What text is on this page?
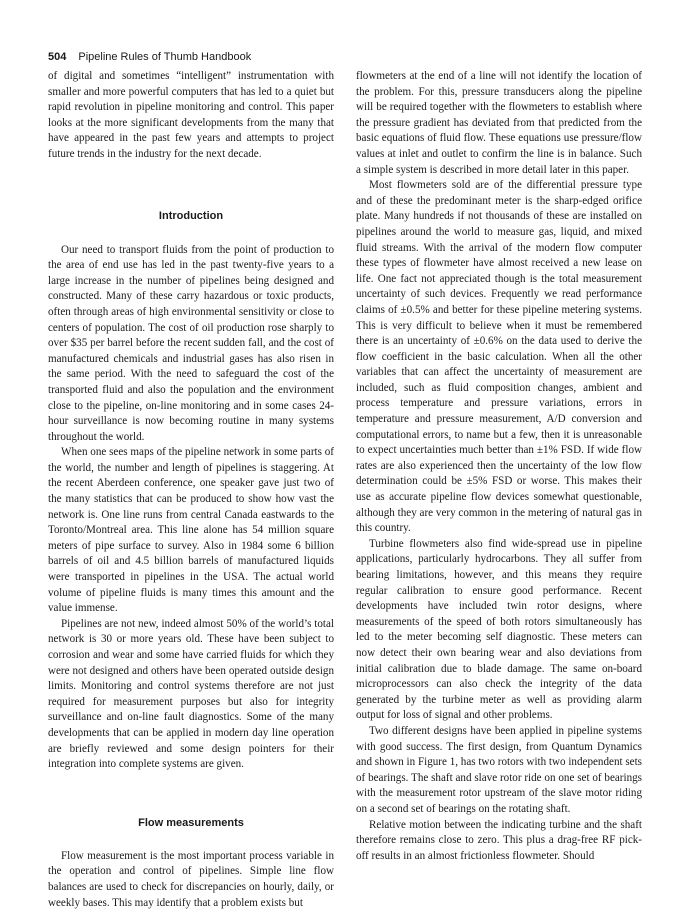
504 Pipeline Rules of Thumb Handbook

of digital and sometimes “intelligent” instrumentation with smaller and more powerful computers that has led to a quiet but rapid revolution in pipeline monitoring and control. This paper looks at the more significant developments from the many that have appeared in the past few years and attempts to project future trends in the industry for the next decade.

Introduction

Our need to transport fluids from the point of production to the area of end use has led in the past twenty-five years to a large increase in the number of pipelines being designed and constructed. Many of these carry hazardous or toxic products, often through areas of high environmental sensitivity or close to centers of population. The cost of oil production rose sharply to over $35 per barrel before the recent sudden fall, and the cost of manufactured chemicals and industrial gases has also risen in the same period. With the need to safeguard the cost of the transported fluid and also the population and the environment close to the pipeline, on-line monitoring and in some cases 24-hour surveillance is now becoming routine in many systems throughout the world.

When one sees maps of the pipeline network in some parts of the world, the number and length of pipelines is staggering. At the recent Aberdeen conference, one speaker gave just two of the many statistics that can be produced to show how vast the network is. One line runs from central Canada eastwards to the Toronto/Montreal area. This line alone has 54 million square meters of pipe surface to survey. Also in 1984 some 6 billion barrels of oil and 4.5 billion barrels of manufactured liquids were transported in pipelines in the USA. The actual world volume of pipeline fluids is many times this amount and the value immense.

Pipelines are not new, indeed almost 50% of the world’s total network is 30 or more years old. These have been subject to corrosion and wear and some have carried fluids for which they were not designed and others have been operated outside design limits. Monitoring and control systems therefore are not just required for measurement purposes but also for integrity surveillance and on-line fault diagnostics. Some of the many developments that can be applied in modern day line operation are briefly reviewed and some design pointers for their integration into complete systems are given.

Flow measurements

Flow measurement is the most important process variable in the operation and control of pipelines. Simple line flow balances are used to check for discrepancies on hourly, daily, or weekly bases. This may identify that a problem exists but

flowmeters at the end of a line will not identify the location of the problem. For this, pressure transducers along the pipeline will be required together with the flowmeters to establish where the pressure gradient has deviated from that predicted from the basic equations of fluid flow. These equations use pressure/flow values at inlet and outlet to confirm the line is in balance. Such a simple system is described in more detail later in this paper.

Most flowmeters sold are of the differential pressure type and of these the predominant meter is the sharp-edged orifice plate. Many hundreds if not thousands of these are installed on pipelines around the world to measure gas, liquid, and mixed fluid streams. With the arrival of the modern flow computer these types of flowmeter have almost received a new lease on life. One fact not appreciated though is the total measurement uncertainty of such devices. Frequently we read performance claims of ±0.5% and better for these pipeline metering systems. This is very difficult to believe when it must be remembered there is an uncertainty of ±0.6% on the data used to derive the flow coefficient in the basic calculation. When all the other variables that can affect the uncertainty of measurement are included, such as fluid composition changes, ambient and process temperature and pressure variations, errors in temperature and pressure measurement, A/D conversion and computational errors, to name but a few, then it is unreasonable to expect uncertainties much better than ±1% FSD. If wide flow rates are also experienced then the uncertainty of the low flow determination could be ±5% FSD or worse. This makes their use as accurate pipeline flow devices somewhat questionable, although they are very common in the metering of natural gas in this country.

Turbine flowmeters also find wide-spread use in pipeline applications, particularly hydrocarbons. They all suffer from bearing limitations, however, and this means they require regular calibration to ensure good performance. Recent developments have included twin rotor designs, where measurements of the speed of both rotors simultaneously has led to the meter becoming self diagnostic. These meters can now detect their own bearing wear and also deviations from initial calibration due to blade damage. The same on-board microprocessors can also check the integrity of the data generated by the turbine meter as well as providing alarm output for loss of signal and other problems.

Two different designs have been applied in pipeline systems with good success. The first design, from Quantum Dynamics and shown in Figure 1, has two rotors with two independent sets of bearings. The shaft and slave rotor ride on one set of bearings with the measurement rotor upstream of the slave motor riding on a second set of bearings on the rotating shaft.

Relative motion between the indicating turbine and the shaft therefore remains close to zero. This plus a drag-free RF pick-off results in an almost frictionless flowmeter. Should
